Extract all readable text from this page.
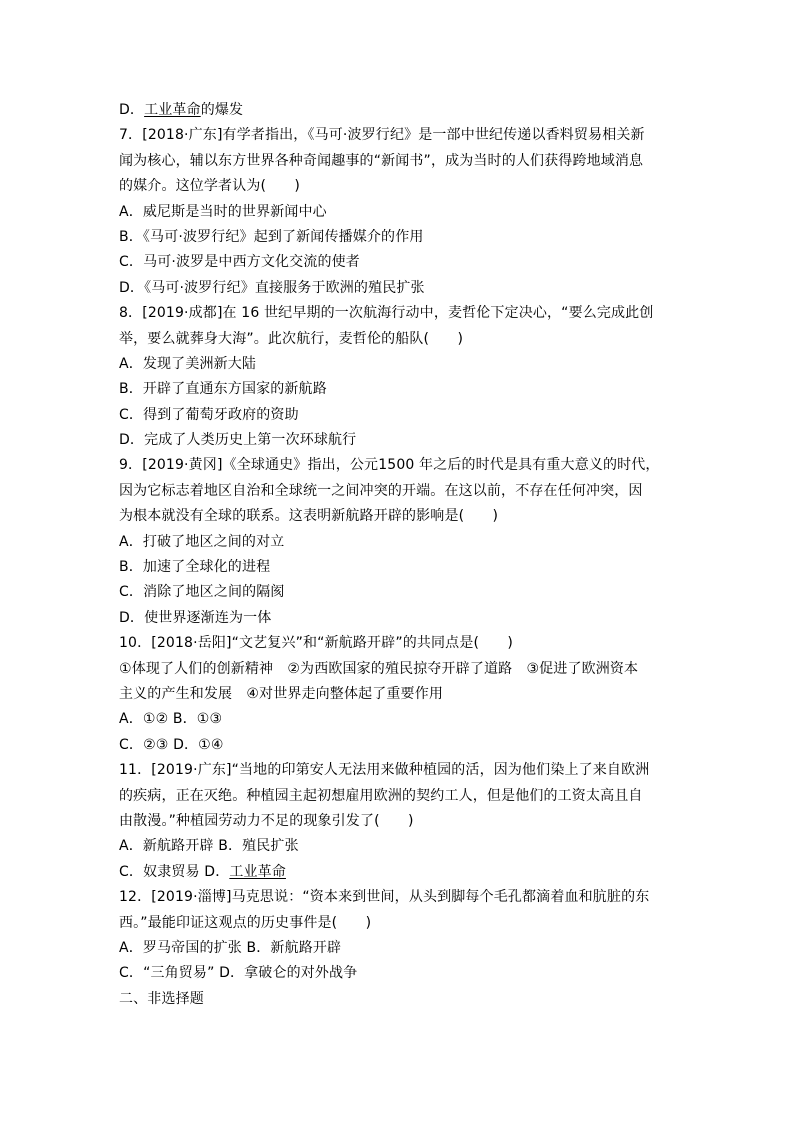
D．工业革命的爆发
7．[2018·广东]有学者指出，《马可·波罗行纪》是一部中世纪传递以香料贸易相关新
闻为核心，辅以东方世界各种奇闻趣事的“新闻书”，成为当时的人们获得跨地域消息
的媒介。这位学者认为(　　)
A．威尼斯是当时的世界新闻中心
B．《马可·波罗行纪》起到了新闻传播媒介的作用
C．马可·波罗是中西方文化交流的使者
D．《马可·波罗行纪》直接服务于欧洲的殖民扩张
8．[2019·成都]在 16 世纪早期的一次航海行动中，麦哲伦下定决心，“要么完成此创
举，要么就葬身大海”。此次航行，麦哲伦的船队(　　)
A．发现了美洲新大陆
B．开辟了直通东方国家的新航路
C．得到了葡萄牙政府的资助
D．完成了人类历史上第一次环球航行
9．[2019·黄冈]《全球通史》指出，公元1500 年之后的时代是具有重大意义的时代，
因为它标志着地区自治和全球统一之间冲突的开端。在这以前，不存在任何冲突，因
为根本就没有全球的联系。这表明新航路开辟的影响是(　　)
A．打破了地区之间的对立
B．加速了全球化的进程
C．消除了地区之间的隔阂
D．使世界逐渐连为一体
10．[2018·岳阳]“文艺复兴”和“新航路开辟”的共同点是(　　)
①体现了人们的创新精神　②为西欧国家的殖民掠夺开辟了道路　③促进了欧洲资本
主义的产生和发展　④对世界走向整体起了重要作用
A．①② B．①③
C．②③ D．①④
11．[2019·广东]“当地的印第安人无法用来做种植园的活，因为他们染上了来自欧洲
的疾病，正在灭绝。种植园主起初想雇用欧洲的契约工人，但是他们的工资太高且自
由散漫。”种植园劳动力不足的现象引发了(　　)
A．新航路开辟 B．殖民扩张
C．奴隶贸易 D．工业革命
12．[2019·淄博]马克思说：“资本来到世间，从头到脚每个毛孔都滴着血和肮脏的东
西。”最能印证这观点的历史事件是(　　)
A．罗马帝国的扩张 B．新航路开辟
C．“三角贸易” D．拿破仑的对外战争
二、非选择题
